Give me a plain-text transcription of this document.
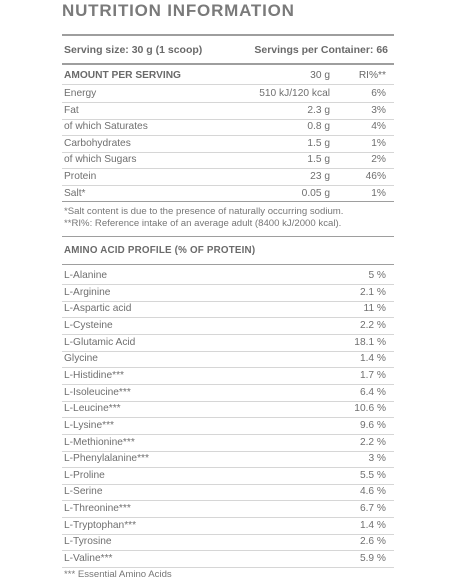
NUTRITION INFORMATION
Serving size: 30 g (1 scoop)	Servings per Container: 66
AMOUNT PER SERVING	30 g	RI%**
Energy	510 kJ/120 kcal	6%
Fat	2.3 g	3%
of which Saturates	0.8 g	4%
Carbohydrates	1.5 g	1%
of which Sugars	1.5 g	2%
Protein	23 g	46%
Salt*	0.05 g	1%
*Salt content is due to the presence of naturally occurring sodium.
**RI%: Reference intake of an average adult (8400 kJ/2000 kcal).
AMINO ACID PROFILE (% OF PROTEIN)
L-Alanine	5 %
L-Arginine	2.1 %
L-Aspartic acid	11 %
L-Cysteine	2.2 %
L-Glutamic Acid	18.1 %
Glycine	1.4 %
L-Histidine***	1.7 %
L-Isoleucine***	6.4 %
L-Leucine***	10.6 %
L-Lysine***	9.6 %
L-Methionine***	2.2 %
L-Phenylalanine***	3 %
L-Proline	5.5 %
L-Serine	4.6 %
L-Threonine***	6.7 %
L-Tryptophan***	1.4 %
L-Tyrosine	2.6 %
L-Valine***	5.9 %
*** Essential Amino Acids
